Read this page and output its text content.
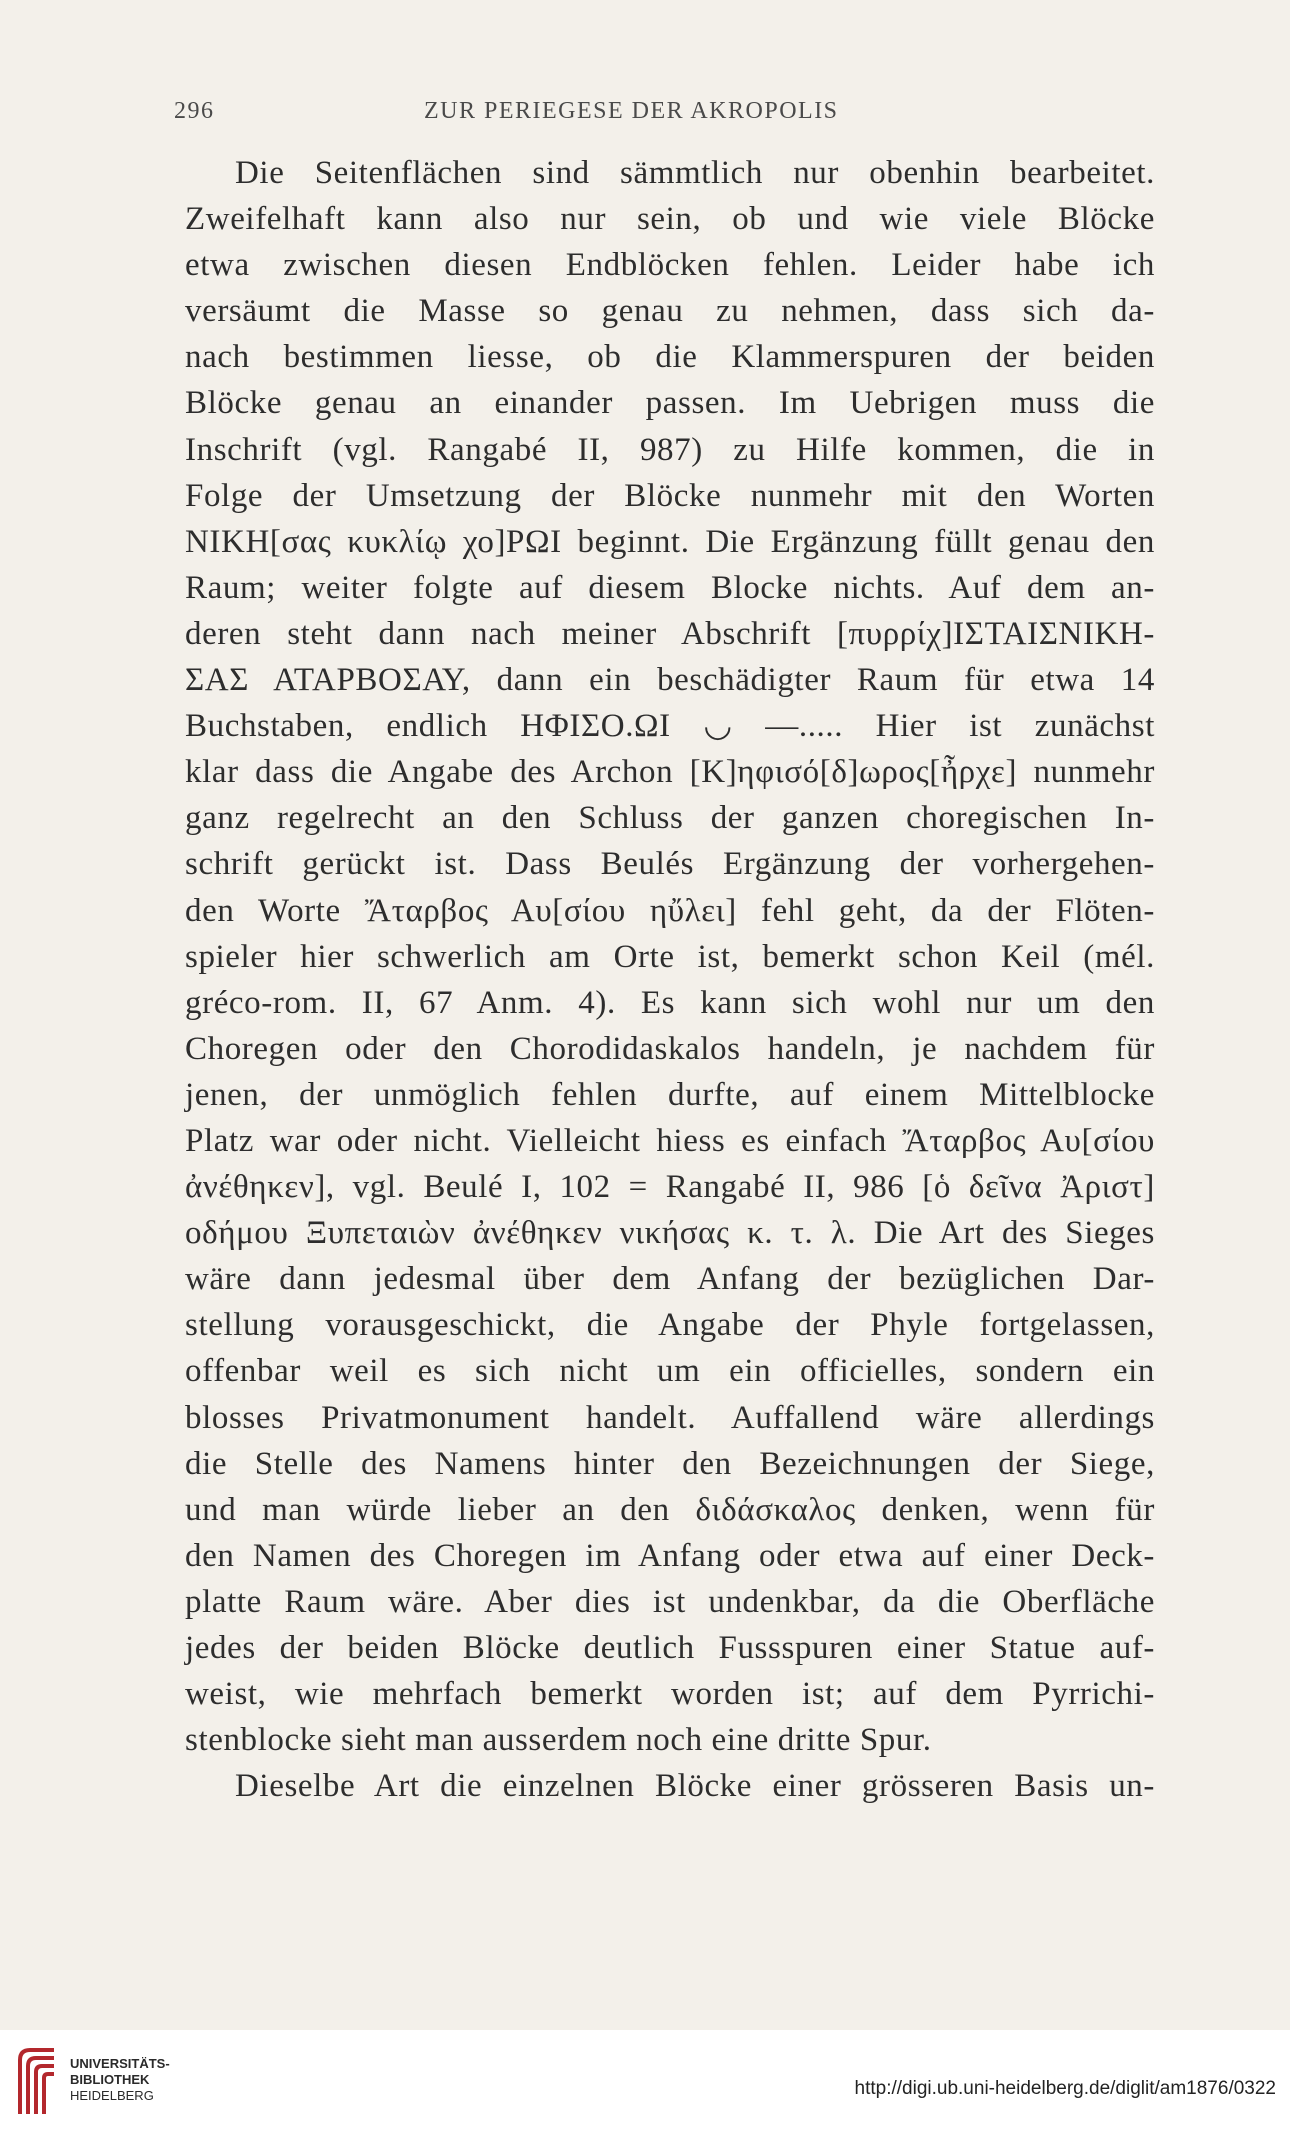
296	ZUR PERIEGESE DER AKROPOLIS
Die Seitenflächen sind sämmtlich nur obenhin bearbeitet.
Zweifelhaft kann also nur sein, ob und wie viele Blöcke
etwa zwischen diesen Endblöcken fehlen. Leider habe ich
versäumt die Masse so genau zu nehmen, dass sich da-
nach bestimmen liesse, ob die Klammerspuren der beiden
Blöcke genau an einander passen. Im Uebrigen muss die
Inschrift (vgl. Rangabé II, 987) zu Hilfe kommen, die in
Folge der Umsetzung der Blöcke nunmehr mit den Worten
ΝΙΚΗ[σας κυκλίῳ χο]ΡΩΙ beginnt. Die Ergänzung füllt genau den
Raum; weiter folgte auf diesem Blocke nichts. Auf dem an-
deren steht dann nach meiner Abschrift [πυρρίχ]ΙΣΤΑΙΣΝΙΚΗ-
ΣΑΣ ΑΤΑΡΒΟΣΑΥ, dann ein beschädigter Raum für etwa 14
Buchstaben, endlich ΗΦΙΣΟ.ΩΙ ◡ —..... Hier ist zunächst
klar dass die Angabe des Archon [Κ]ηφισό[δ]ωρος[ἦρχε] nunmehr
ganz regelrecht an den Schluss der ganzen choregischen In-
schrift gerückt ist. Dass Beulés Ergänzung der vorhergehen-
den Worte Ἄταρβος Αυ[σίου ηὔλει] fehl geht, da der Flöten-
spieler hier schwerlich am Orte ist, bemerkt schon Keil (mél.
gréco-rom. II, 67 Anm. 4). Es kann sich wohl nur um den
Choregen oder den Chorodidaskalos handeln, je nachdem für
jenen, der unmöglich fehlen durfte, auf einem Mittelblocke
Platz war oder nicht. Vielleicht hiess es einfach Ἄταρβος Αυ[σίου
ἀνέθηκεν], vgl. Beulé I, 102 = Rangabé II, 986 [ὁ δεῖνα Ἀριστ]
οδήμου Ξυπεταιὼν ἀνέθηκεν νικήσας κ. τ. λ. Die Art des Sieges
wäre dann jedesmal über dem Anfang der bezüglichen Dar-
stellung vorausgeschickt, die Angabe der Phyle fortgelassen,
offenbar weil es sich nicht um ein officielles, sondern ein
blosses Privatmonument handelt. Auffallend wäre allerdings
die Stelle des Namens hinter den Bezeichnungen der Siege,
und man würde lieber an den διδάσκαλος denken, wenn für
den Namen des Choregen im Anfang oder etwa auf einer Deck-
platte Raum wäre. Aber dies ist undenkbar, da die Oberfläche
jedes der beiden Blöcke deutlich Fussspuren einer Statue auf-
weist, wie mehrfach bemerkt worden ist; auf dem Pyrrichi-
stenblocke sieht man ausserdem noch eine dritte Spur.
Dieselbe Art die einzelnen Blöcke einer grösseren Basis un-
UNIVERSITÄTS-
BIBLIOTHEK
HEIDELBERG	http://digi.ub.uni-heidelberg.de/diglit/am1876/0322
